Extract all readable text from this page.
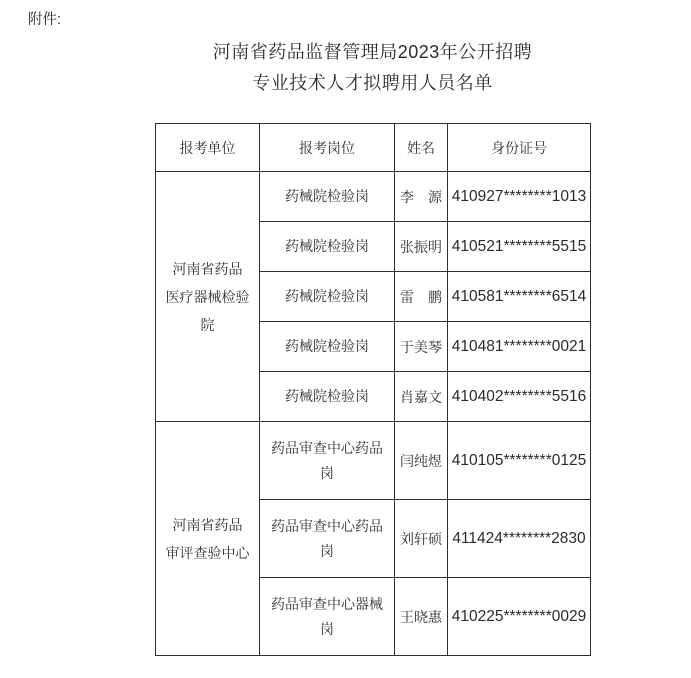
附件:
河南省药品监督管理局2023年公开招聘
专业技术人才拟聘用人员名单
报考单位	报考岗位	姓名	身份证号

河南省药品
医疗器械检验院	药械院检验岗	李　源	410927********1013
	药械院检验岗	张振明	410521********5515
	药械院检验岗	雷　鹏	410581********6514
	药械院检验岗	于美琴	410481********0021
	药械院检验岗	肖嘉文	410402********5516

河南省药品
审评查验中心	药品审查中心药品岗	闫纯煜	410105********0125
	药品审查中心药品岗	刘轩硕	411424********2830
	药品审查中心器械岗	王晓惠	410225********0029
